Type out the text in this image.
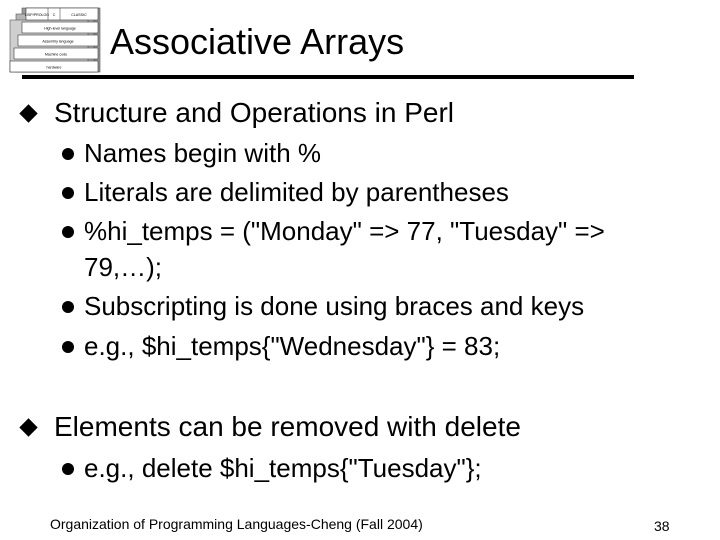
LISP/PROLOG C	CLASSIC
High-level language
Assembly language
Machine code
hardware
Associative Arrays
Structure and Operations in Perl
Names begin with %
Literals are delimited by parentheses
%hi_temps = ("Monday" => 77, "Tuesday" =>
79,…);
Subscripting is done using braces and keys
e.g., $hi_temps{"Wednesday"} = 83;
Elements can be removed with delete
e.g., delete $hi_temps{"Tuesday"};
Organization of Programming Languages-Cheng (Fall 2004)	38
